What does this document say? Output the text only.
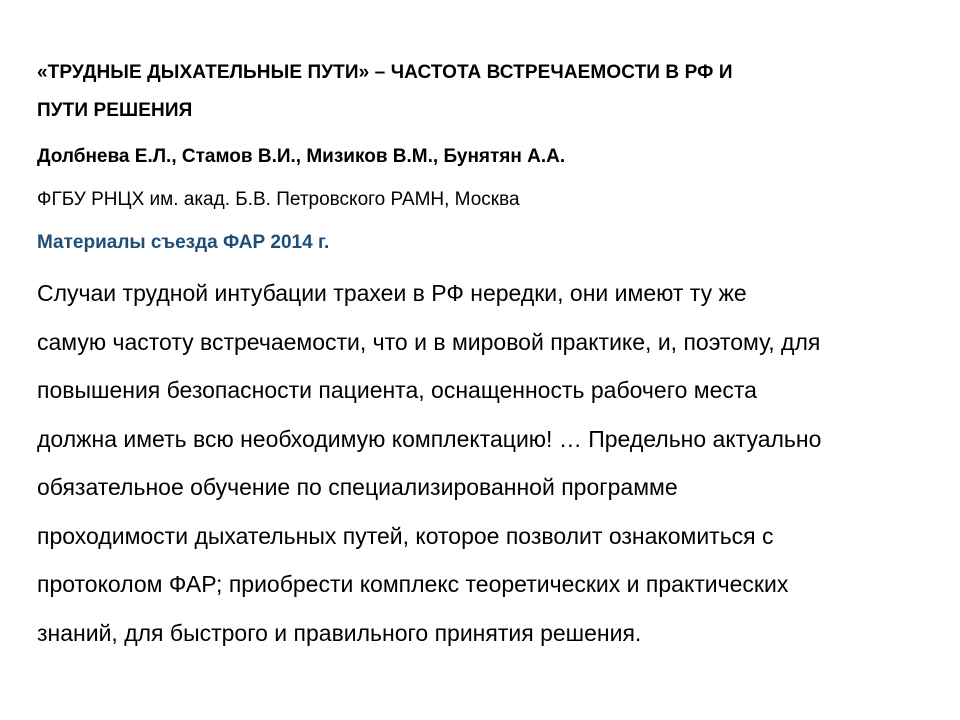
«ТРУДНЫЕ ДЫХАТЕЛЬНЫЕ ПУТИ» – ЧАСТОТА ВСТРЕЧАЕМОСТИ В РФ И
ПУТИ РЕШЕНИЯ
Долбнева Е.Л., Стамов В.И., Мизиков В.М., Бунятян А.А.
ФГБУ РНЦХ им. акад. Б.В. Петровского РАМН, Москва
Материалы съезда ФАР 2014 г.
Случаи трудной интубации трахеи в РФ нередки, они имеют ту же
самую частоту встречаемости, что и в мировой практике, и, поэтому, для
повышения безопасности пациента, оснащенность рабочего места
должна иметь всю необходимую комплектацию! … Предельно актуально
обязательное обучение по специализированной программе
проходимости дыхательных путей, которое позволит ознакомиться с
протоколом ФАР; приобрести комплекс теоретических и практических
знаний, для быстрого и правильного принятия решения.
